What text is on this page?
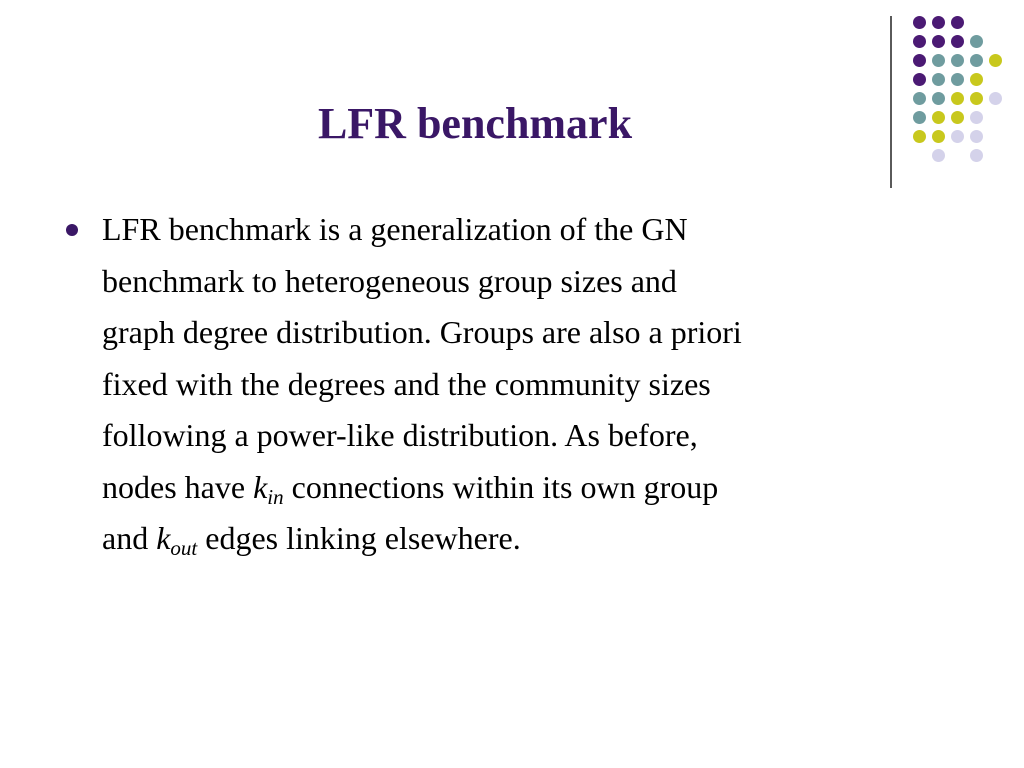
LFR benchmark
LFR benchmark is a generalization of the GN
benchmark to heterogeneous group sizes and
graph degree distribution. Groups are also a priori
fixed with the degrees and the community sizes
following a power-like distribution. As before,
nodes have kin connections within its own group
and kout edges linking elsewhere.
